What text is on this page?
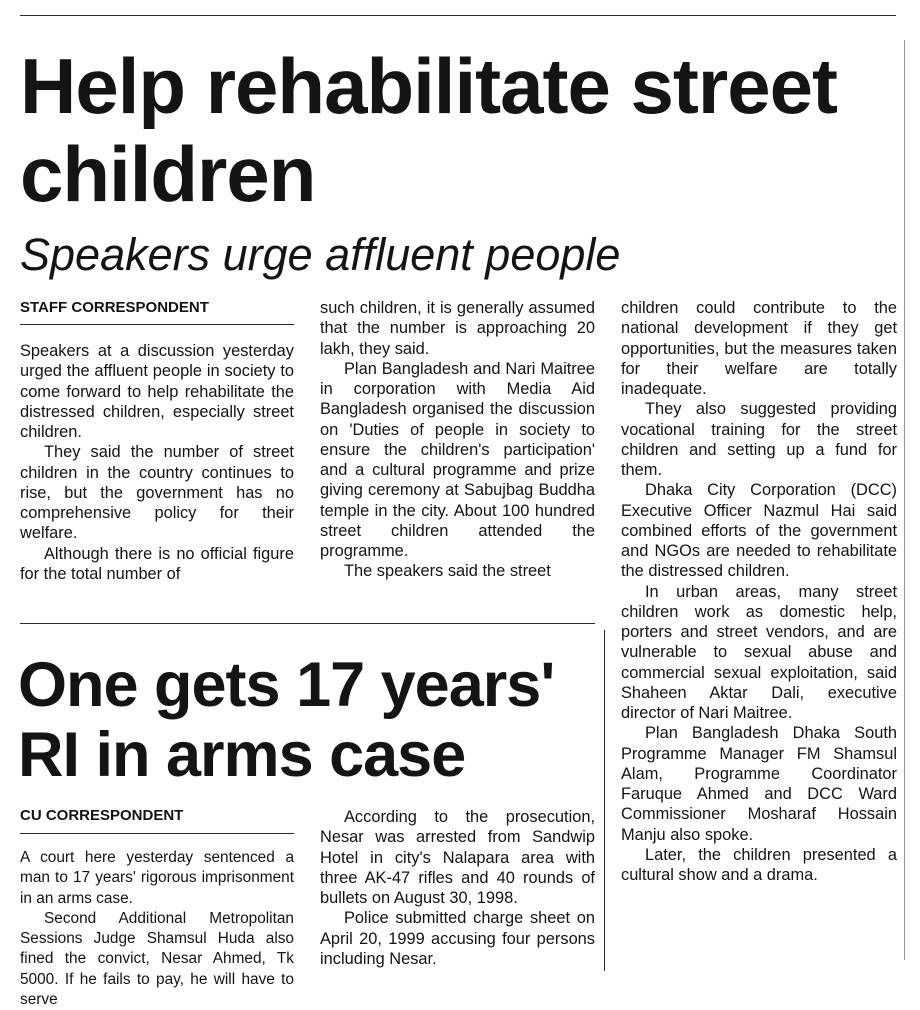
Help rehabilitate street children
Speakers urge affluent people
STAFF CORRESPONDENT

Speakers at a discussion yesterday urged the affluent people in society to come forward to help rehabilitate the distressed children, especially street children.

They said the number of street children in the country continues to rise, but the government has no comprehensive policy for their welfare.

Although there is no official figure for the total number of

such children, it is generally assumed that the number is approaching 20 lakh, they said.

Plan Bangladesh and Nari Maitree in corporation with Media Aid Bangladesh organised the discussion on 'Duties of people in society to ensure the children's participation' and a cultural programme and prize giving ceremony at Sabujbag Buddha temple in the city. About 100 hundred street children attended the programme.

The speakers said the street

children could contribute to the national development if they get opportunities, but the measures taken for their welfare are totally inadequate.

They also suggested providing vocational training for the street children and setting up a fund for them.

Dhaka City Corporation (DCC) Executive Officer Nazmul Hai said combined efforts of the government and NGOs are needed to rehabilitate the distressed children.

In urban areas, many street children work as domestic help, porters and street vendors, and are vulnerable to sexual abuse and commercial sexual exploitation, said Shaheen Aktar Dali, executive director of Nari Maitree.

Plan Bangladesh Dhaka South Programme Manager FM Shamsul Alam, Programme Coordinator Faruque Ahmed and DCC Ward Commissioner Mosharaf Hossain Manju also spoke.

Later, the children presented a cultural show and a drama.

One gets 17 years' RI in arms case
CU CORRESPONDENT

A court here yesterday sentenced a man to 17 years' rigorous imprisonment in an arms case.

Second Additional Metropolitan Sessions Judge Shamsul Huda also fined the convict, Nesar Ahmed, Tk 5000. If he fails to pay, he will have to serve

According to the prosecution, Nesar was arrested from Sandwip Hotel in city's Nalapara area with three AK-47 rifles and 40 rounds of bullets on August 30, 1998.

Police submitted charge sheet on April 20, 1999 accusing four persons including Nesar.
